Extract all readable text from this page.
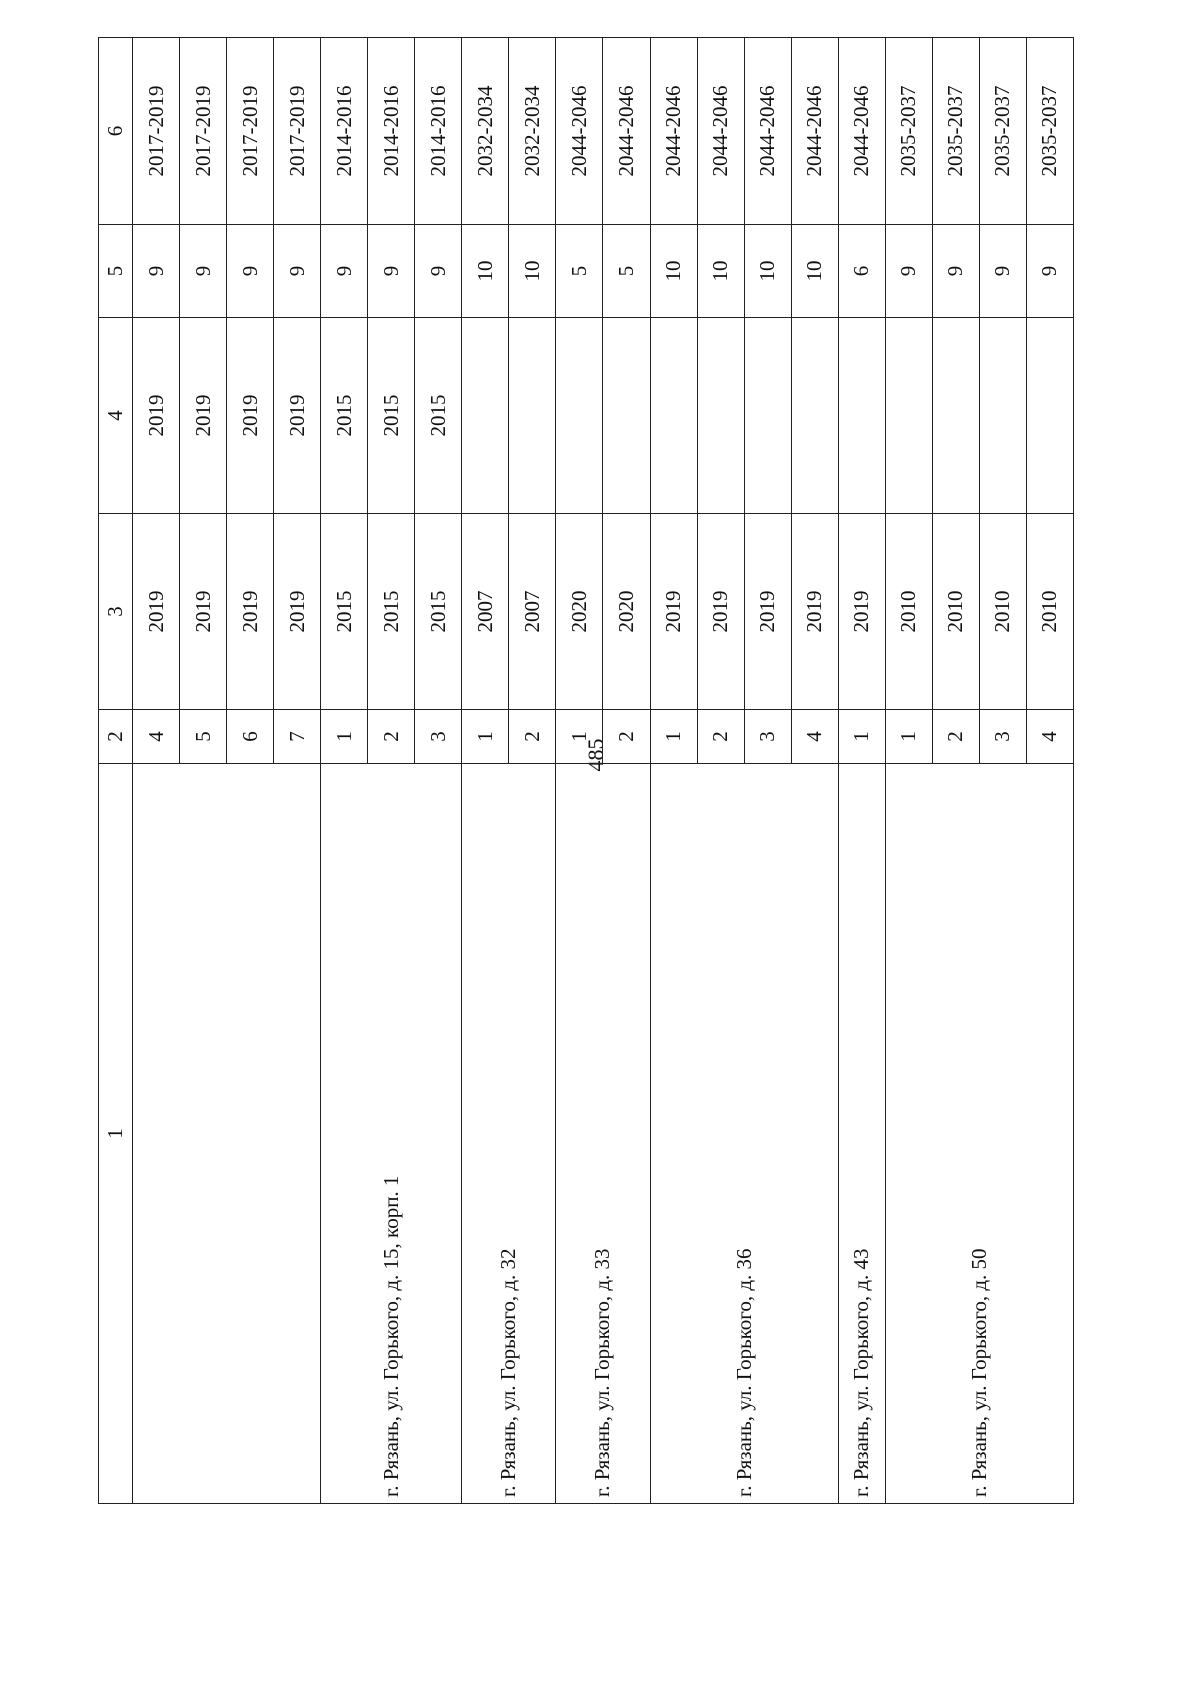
485
1	2	3	4	5	6
	4	2019	2019	9	2017-2019
	5	2019	2019	9	2017-2019
	6	2019	2019	9	2017-2019
	7	2019	2019	9	2017-2019
г. Рязань, ул. Горького, д. 15, корп. 1	1	2015	2015	9	2014-2016
	2	2015	2015	9	2014-2016
	3	2015	2015	9	2014-2016
г. Рязань, ул. Горького, д. 32	1	2007		10	2032-2034
	2	2007		10	2032-2034
г. Рязань, ул. Горького, д. 33	1	2020		5	2044-2046
	2	2020		5	2044-2046
г. Рязань, ул. Горького, д. 36	1	2019		10	2044-2046
	2	2019		10	2044-2046
	3	2019		10	2044-2046
	4	2019		10	2044-2046
г. Рязань, ул. Горького, д. 43	1	2019		6	2044-2046
г. Рязань, ул. Горького, д. 50	1	2010		9	2035-2037
	2	2010		9	2035-2037
	3	2010		9	2035-2037
	4	2010		9	2035-2037
